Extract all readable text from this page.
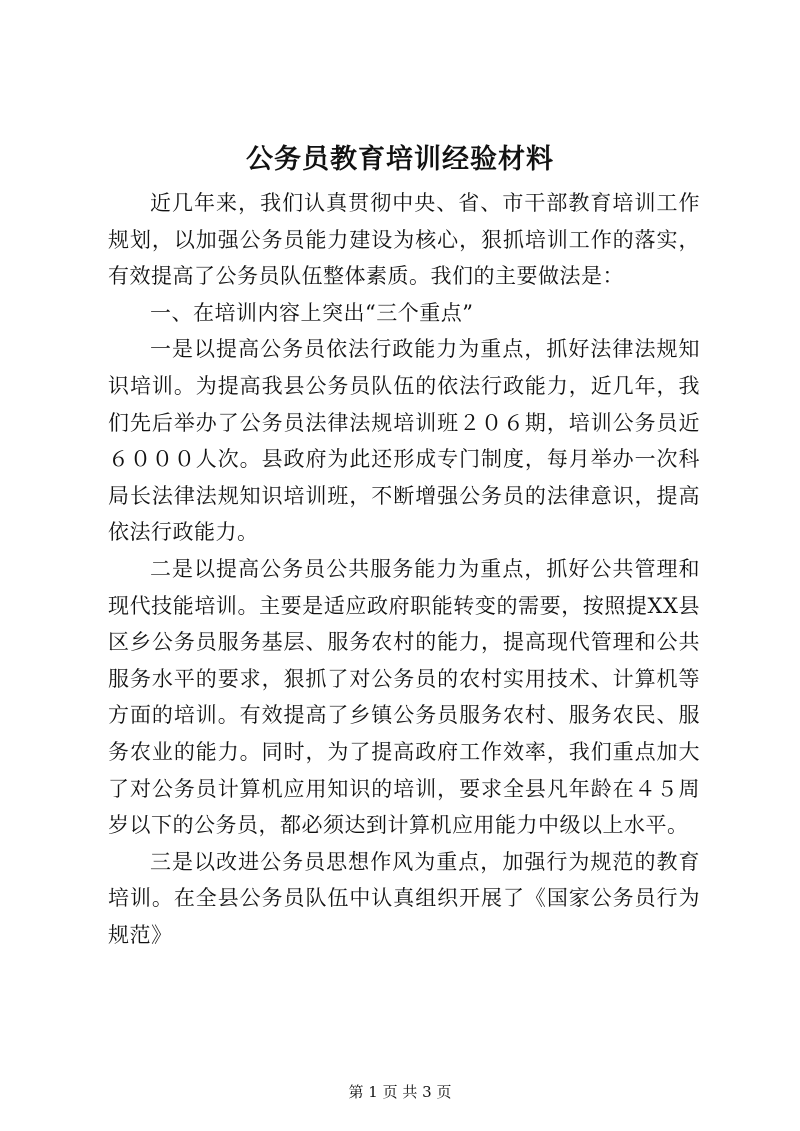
公务员教育培训经验材料

近几年来，我们认真贯彻中央、省、市干部教育培训工作规划，以加强公务员能力建设为核心，狠抓培训工作的落实，有效提高了公务员队伍整体素质。我们的主要做法是：

一、在培训内容上突出“三个重点”

一是以提高公务员依法行政能力为重点，抓好法律法规知识培训。为提高我县公务员队伍的依法行政能力，近几年，我们先后举办了公务员法律法规培训班２０６期，培训公务员近６０００人次。县政府为此还形成专门制度，每月举办一次科局长法律法规知识培训班，不断增强公务员的法律意识，提高依法行政能力。

二是以提高公务员公共服务能力为重点，抓好公共管理和现代技能培训。主要是适应政府职能转变的需要，按照提XX县区乡公务员服务基层、服务农村的能力，提高现代管理和公共服务水平的要求，狠抓了对公务员的农村实用技术、计算机等方面的培训。有效提高了乡镇公务员服务农村、服务农民、服务农业的能力。同时，为了提高政府工作效率，我们重点加大了对公务员计算机应用知识的培训，要求全县凡年龄在４５周岁以下的公务员，都必须达到计算机应用能力中级以上水平。

三是以改进公务员思想作风为重点，加强行为规范的教育培训。在全县公务员队伍中认真组织开展了《国家公务员行为规范》

第 1 页 共 3 页
